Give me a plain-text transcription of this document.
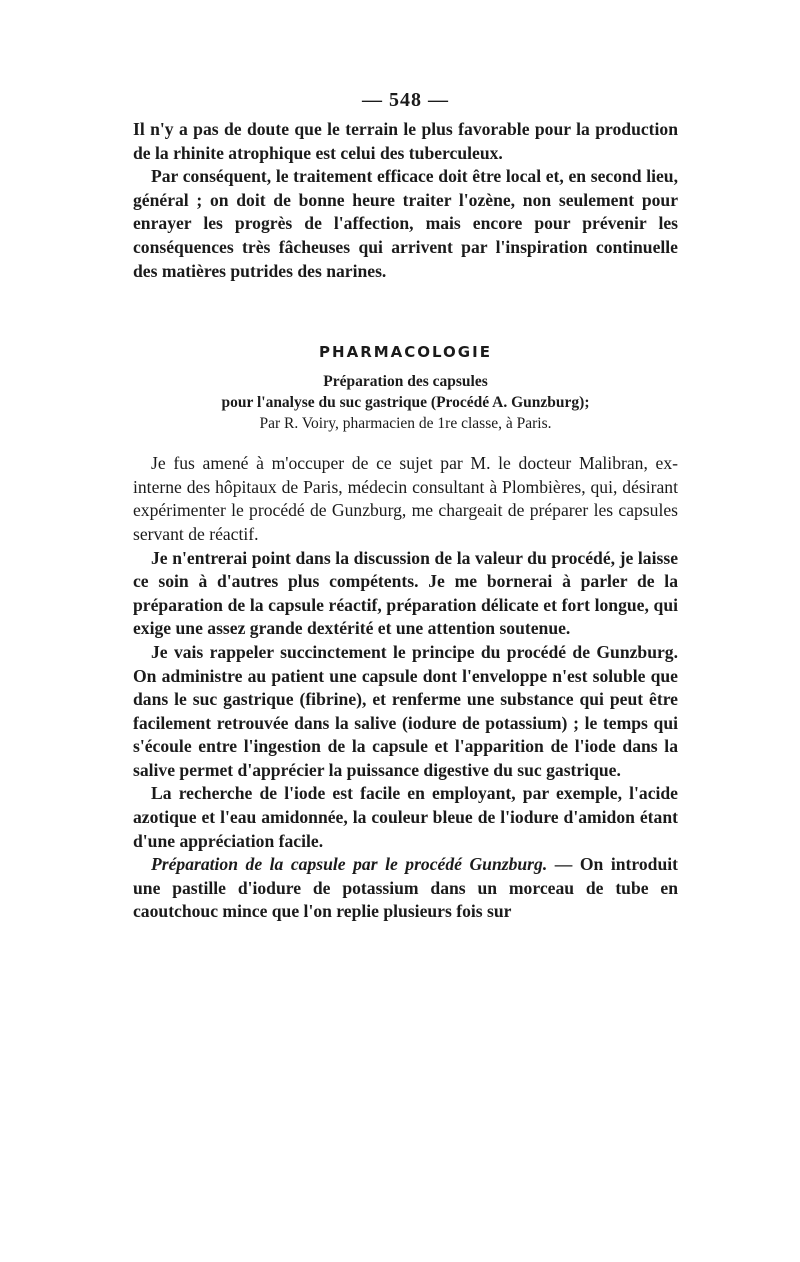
— 548 —

Il n'y a pas de doute que le terrain le plus favorable pour la production de la rhinite atrophique est celui des tuberculeux.

Par conséquent, le traitement efficace doit être local et, en second lieu, général ; on doit de bonne heure traiter l'ozène, non seulement pour enrayer les progrès de l'affection, mais encore pour prévenir les conséquences très fâcheuses qui arrivent par l'inspiration continuelle des matières putrides des narines.

PHARMACOLOGIE

Préparation des capsules

pour l'analyse du suc gastrique (Procédé A. Gunzburg);

Par R. Voiry, pharmacien de 1re classe, à Paris.

Je fus amené à m'occuper de ce sujet par M. le docteur Malibran, ex-interne des hôpitaux de Paris, médecin consultant à Plombières, qui, désirant expérimenter le procédé de Gunzburg, me chargeait de préparer les capsules servant de réactif.

Je n'entrerai point dans la discussion de la valeur du procédé, je laisse ce soin à d'autres plus compétents. Je me bornerai à parler de la préparation de la capsule réactif, préparation délicate et fort longue, qui exige une assez grande dextérité et une attention soutenue.

Je vais rappeler succinctement le principe du procédé de Gunzburg. On administre au patient une capsule dont l'enveloppe n'est soluble que dans le suc gastrique (fibrine), et renferme une substance qui peut être facilement retrouvée dans la salive (iodure de potassium) ; le temps qui s'écoule entre l'ingestion de la capsule et l'apparition de l'iode dans la salive permet d'apprécier la puissance digestive du suc gastrique.

La recherche de l'iode est facile en employant, par exemple, l'acide azotique et l'eau amidonnée, la couleur bleue de l'iodure d'amidon étant d'une appréciation facile.

Préparation de la capsule par le procédé Gunzburg. — On introduit une pastille d'iodure de potassium dans un morceau de tube en caoutchouc mince que l'on replie plusieurs fois sur
